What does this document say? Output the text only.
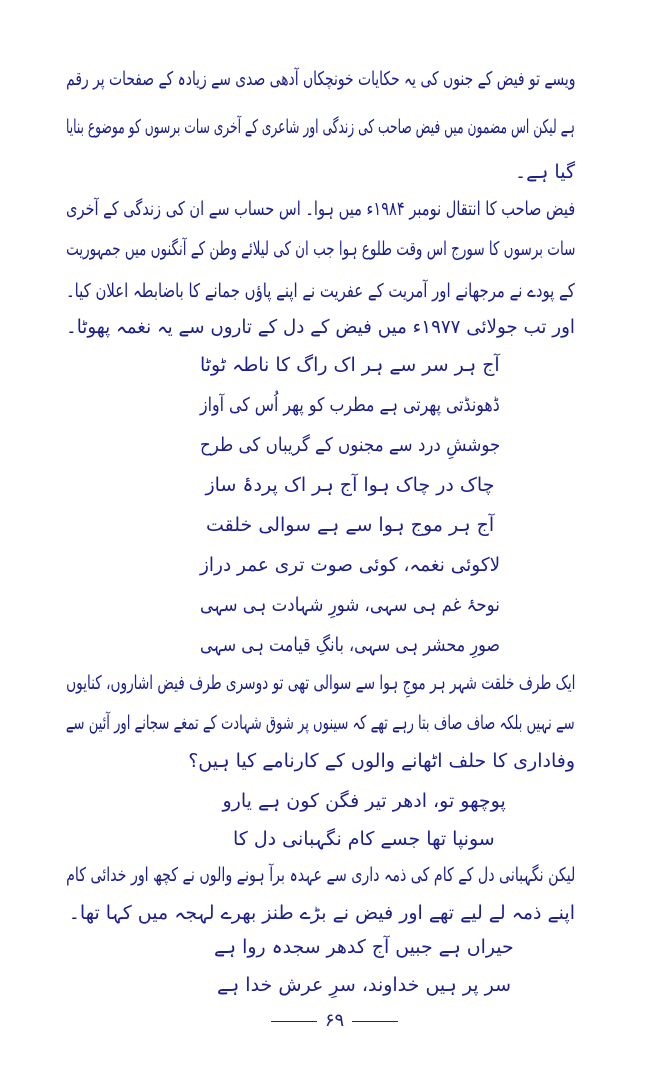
ویسے تو فیض کے جنوں کی یہ حکایات خونچکاں آدھی صدی سے زیادہ کے صفحات پر رقم
ہے لیکن اس مضمون میں فیض صاحب کی زندگی اور شاعری کے آخری سات برسوں کو موضوع بنایا
گیا ہے۔
فیض صاحب کا انتقال نومبر ۱۹۸۴ء میں ہوا۔ اس حساب سے ان کی زندگی کے آخری
سات برسوں کا سورج اس وقت طلوع ہوا جب ان کی لیلائے وطن کے آنگنوں میں جمہوریت
کے پودے نے مرجھانے اور آمریت کے عفریت نے اپنے پاؤں جمانے کا باضابطہ اعلان کیا۔
اور تب جولائی ۱۹۷۷ء میں فیض کے دل کے تاروں سے یہ نغمہ پھوٹا۔
آج ہر سر سے ہر اک راگ کا ناطہ ٹوٹا
ڈھونڈتی پھرتی ہے مطرب کو پھر اُس کی آواز
جوششِ درد سے مجنوں کے گریباں کی طرح
چاک در چاک ہوا آج ہر اک پردۂ ساز
آج ہر موج ہوا سے ہے سوالی خلقت
لاکوئی نغمہ، کوئی صوت تری عمر دراز
نوحۂ غم ہی سہی، شورِ شہادت ہی سہی
صورِ محشر ہی سہی، بانگِ قیامت ہی سہی
ایک طرف خلقت شہر ہر موجِ ہوا سے سوالی تھی تو دوسری طرف فیض اشاروں، کنایوں
سے نہیں بلکہ صاف صاف بتا رہے تھے کہ سینوں پر شوق شہادت کے تمغے سجانے اور آئین سے
وفاداری کا حلف اٹھانے والوں کے کارنامے کیا ہیں؟
پوچھو تو، ادھر تیر فگن کون ہے یارو
سونپا تھا جسے کام نگہبانی دل کا
لیکن نگہبانی دل کے کام کی ذمہ داری سے عہدہ برآ ہونے والوں نے کچھ اور خدائی کام
اپنے ذمہ لے لیے تھے اور فیض نے بڑے طنز بھرے لہجہ میں کہا تھا۔
حیراں ہے جبیں آج کدھر سجدہ روا ہے
سر پر ہیں خداوند، سرِ عرش خدا ہے
۶۹
